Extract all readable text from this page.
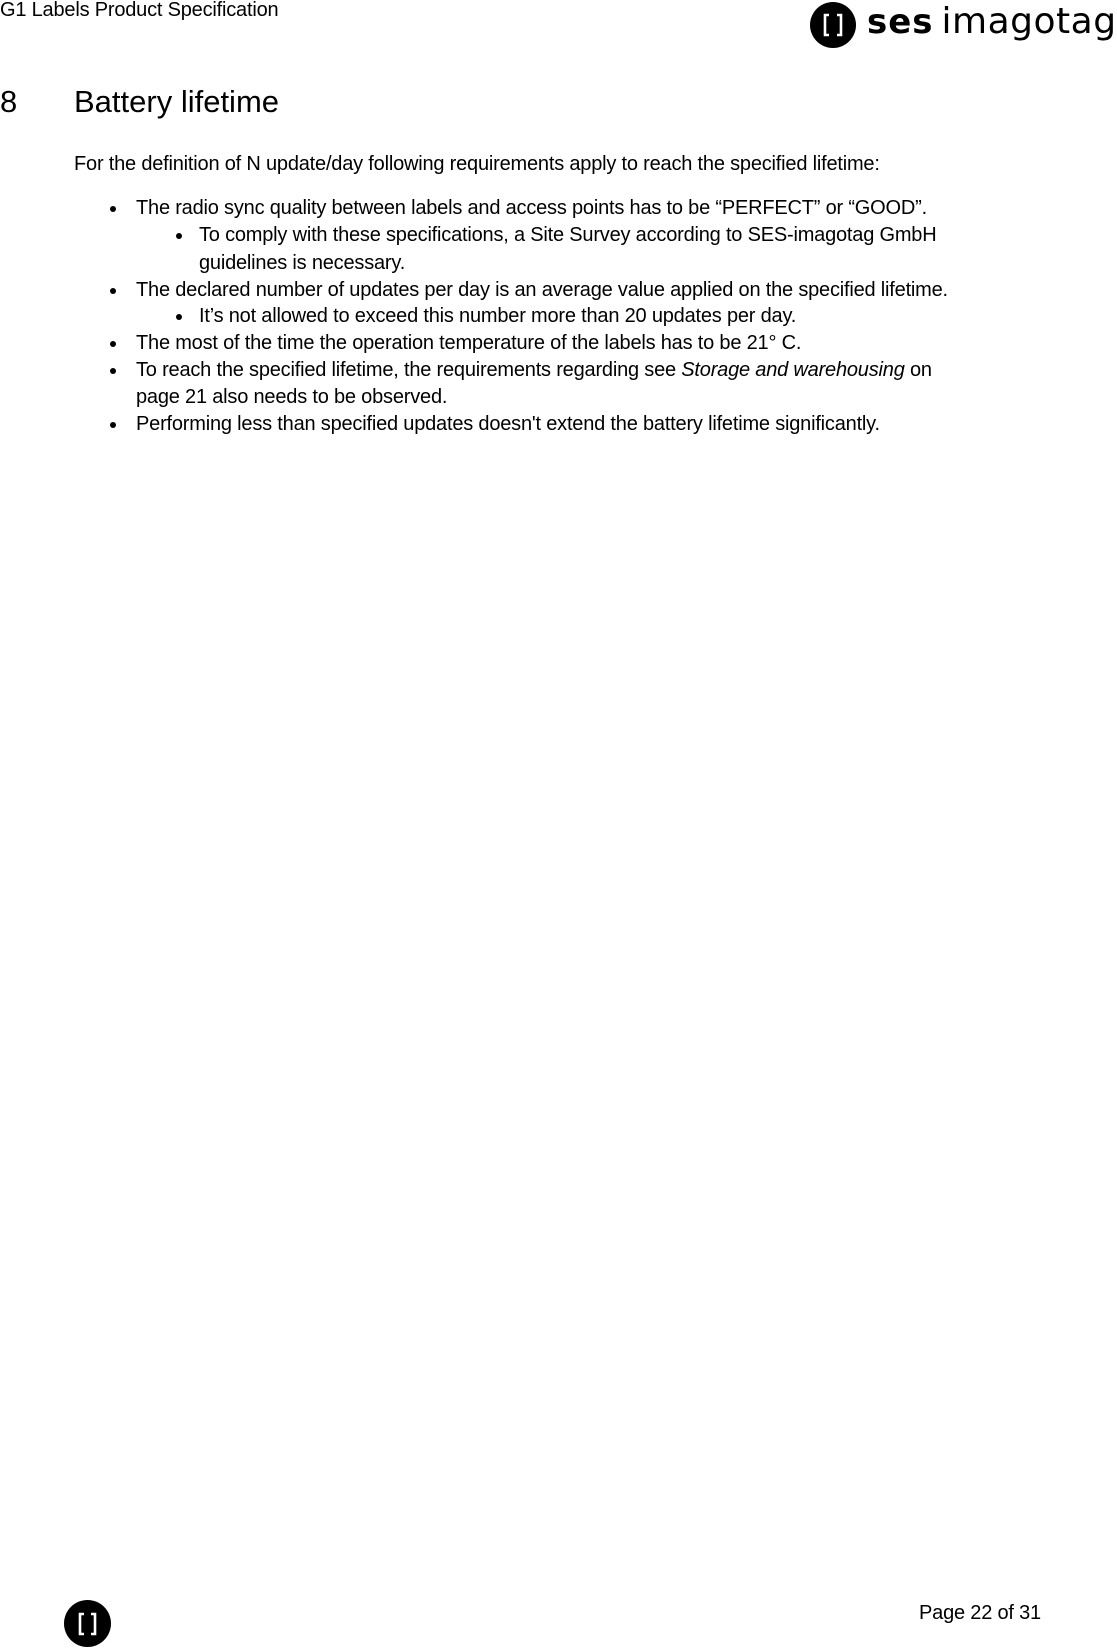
G1 Labels Product Specification	ses imagotag
8 Battery lifetime
For the definition of N update/day following requirements apply to reach the specified lifetime:
The radio sync quality between labels and access points has to be “PERFECT” or “GOOD”.
To comply with these specifications, a Site Survey according to SES-imagotag GmbH
guidelines is necessary.
The declared number of updates per day is an average value applied on the specified lifetime.
It’s not allowed to exceed this number more than 20 updates per day.
The most of the time the operation temperature of the labels has to be 21° C.
To reach the specified lifetime, the requirements regarding see Storage and warehousing on
page 21 also needs to be observed.
Performing less than specified updates doesn't extend the battery lifetime significantly.
Page 22 of 31
